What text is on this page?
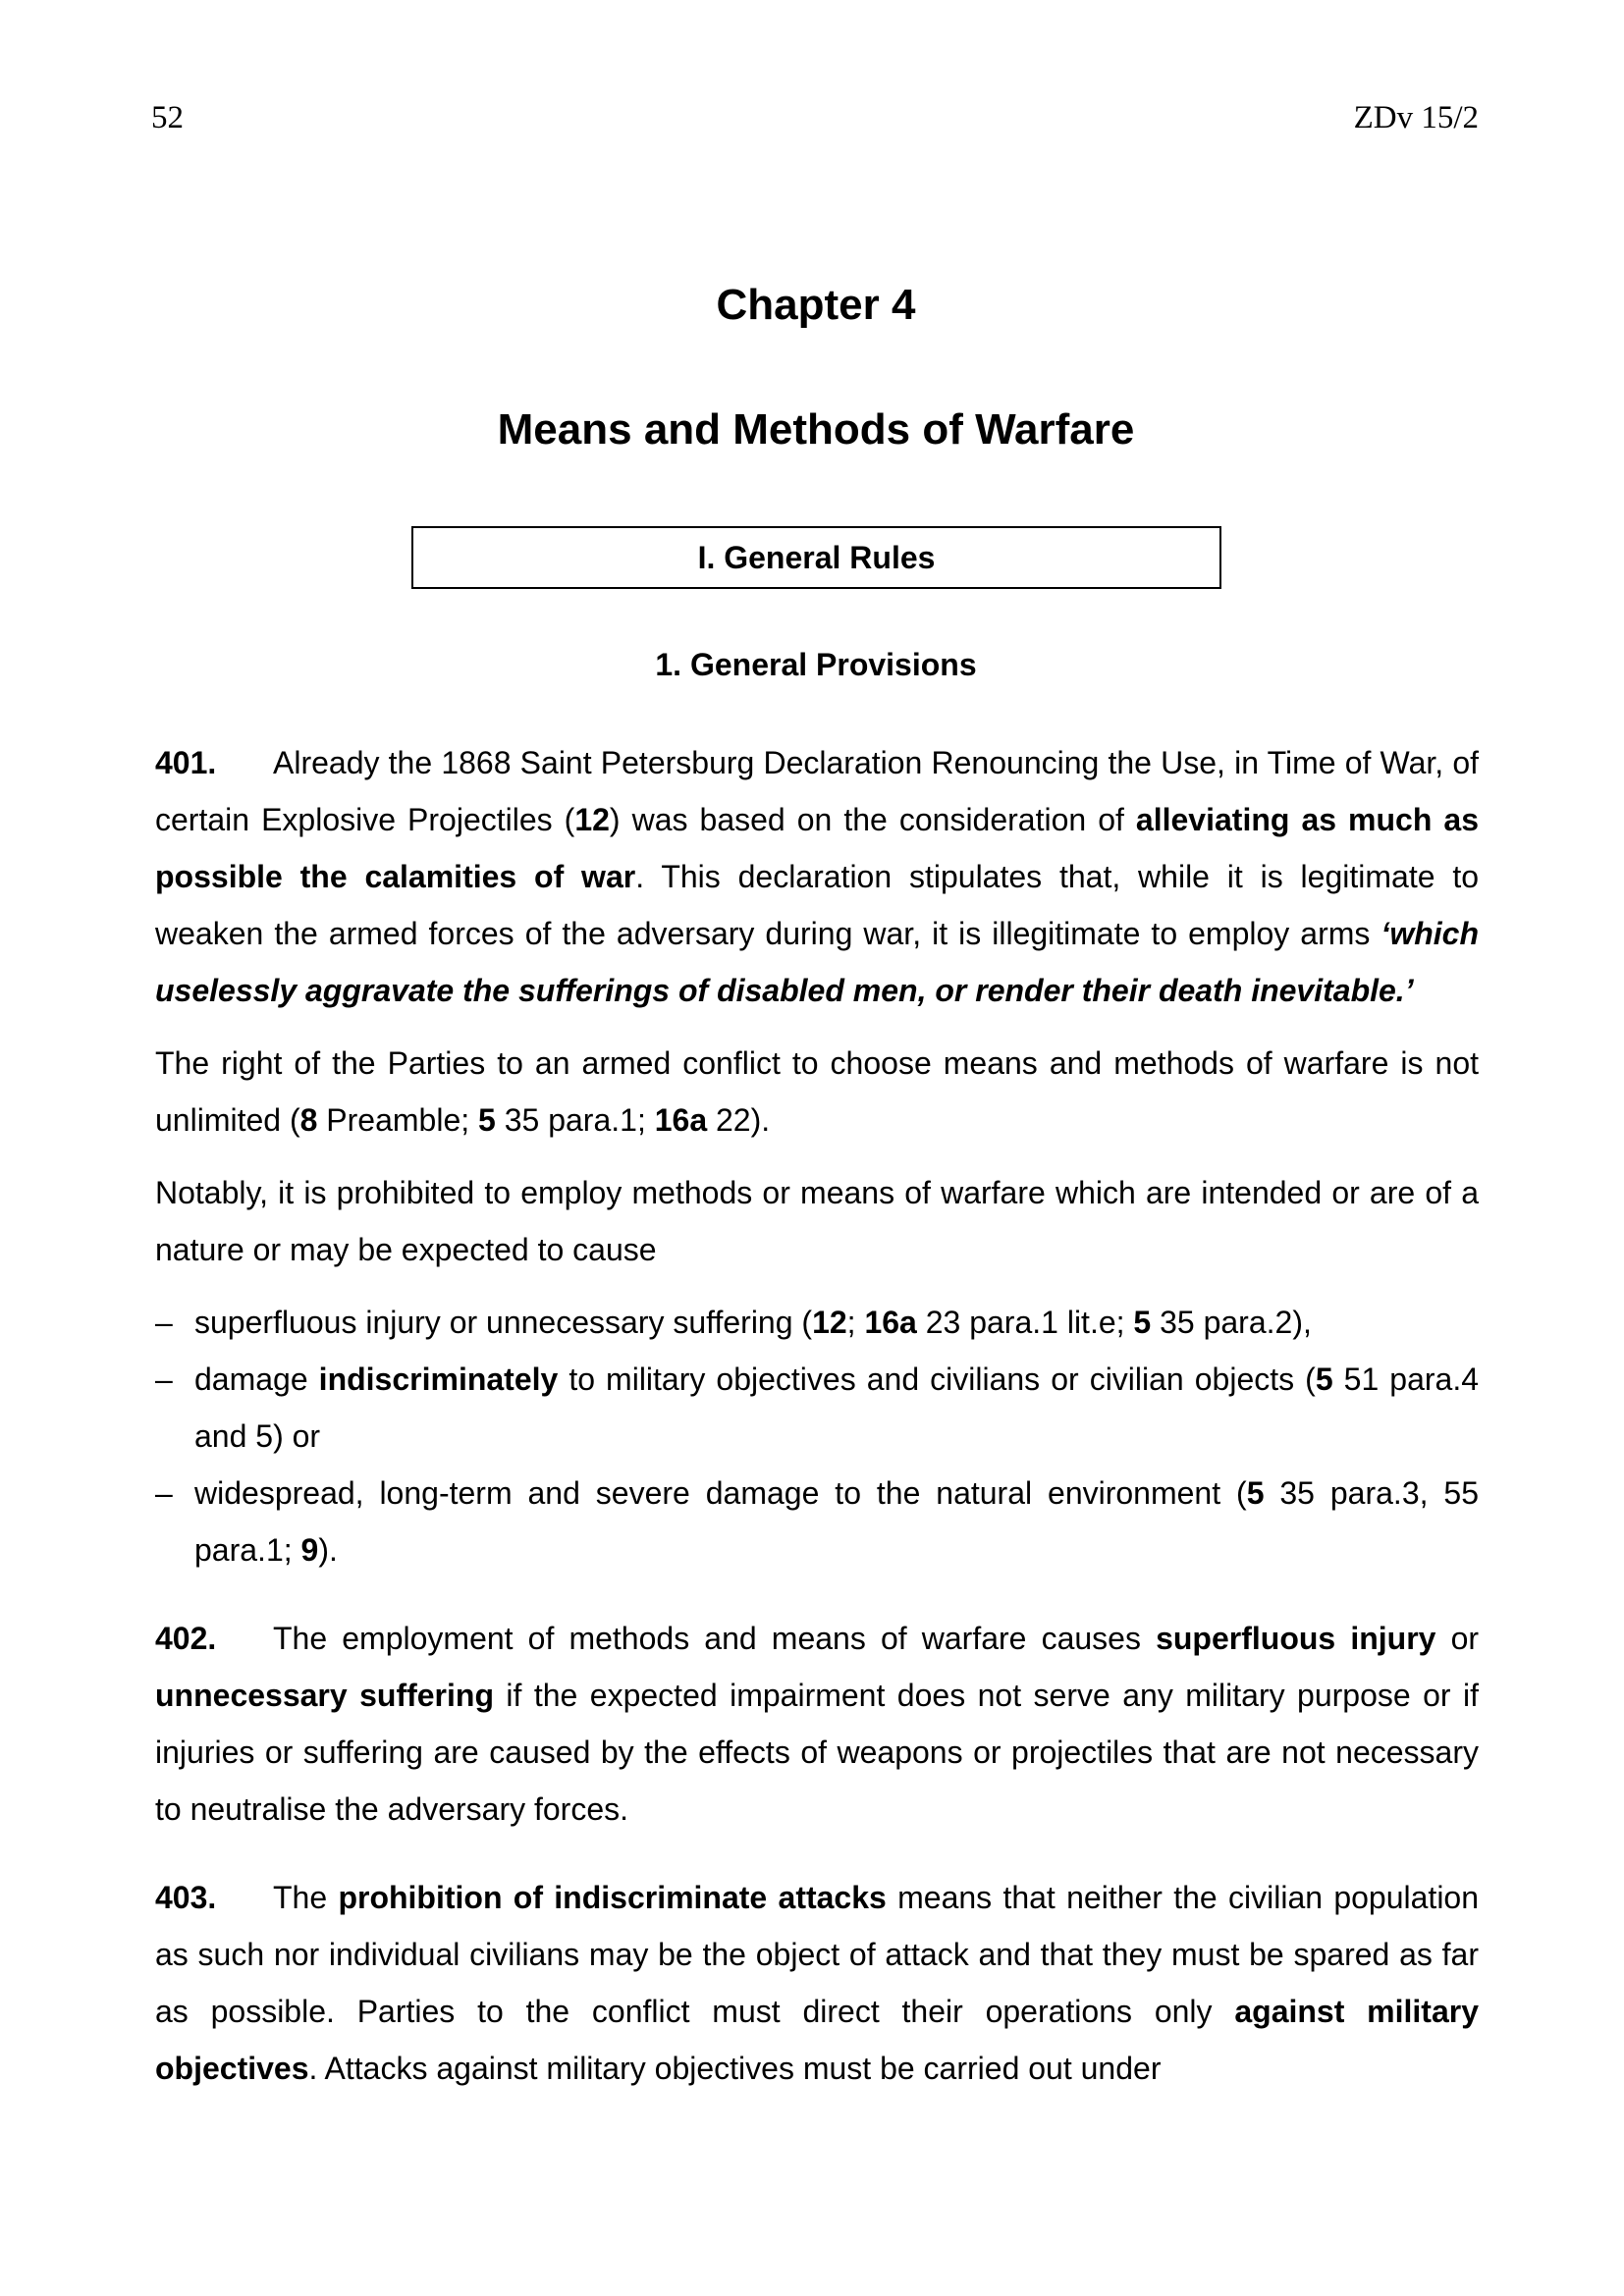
52	ZDv 15/2
Chapter 4
Means and Methods of Warfare
I. General Rules
1. General Provisions

401. Already the 1868 Saint Petersburg Declaration Renouncing the Use, in Time of War, of certain Explosive Projectiles (12) was based on the consideration of alleviating as much as possible the calamities of war. This declaration stipulates that, while it is legitimate to weaken the armed forces of the adversary during war, it is illegitimate to employ arms ‘which uselessly aggravate the sufferings of disabled men, or render their death inevitable.’

The right of the Parties to an armed conflict to choose means and methods of warfare is not unlimited (8 Preamble; 5 35 para.1; 16a 22).

Notably, it is prohibited to employ methods or means of warfare which are intended or are of a nature or may be expected to cause

– superfluous injury or unnecessary suffering (12; 16a 23 para.1 lit.e; 5 35 para.2),
– damage indiscriminately to military objectives and civilians or civilian objects (5 51 para.4 and 5) or
– widespread, long-term and severe damage to the natural environment (5 35 para.3, 55 para.1; 9).

402. The employment of methods and means of warfare causes superfluous injury or unnecessary suffering if the expected impairment does not serve any military purpose or if injuries or suffering are caused by the effects of weapons or projectiles that are not necessary to neutralise the adversary forces.

403. The prohibition of indiscriminate attacks means that neither the civilian population as such nor individual civilians may be the object of attack and that they must be spared as far as possible. Parties to the conflict must direct their operations only against military objectives. Attacks against military objectives must be carried out under
